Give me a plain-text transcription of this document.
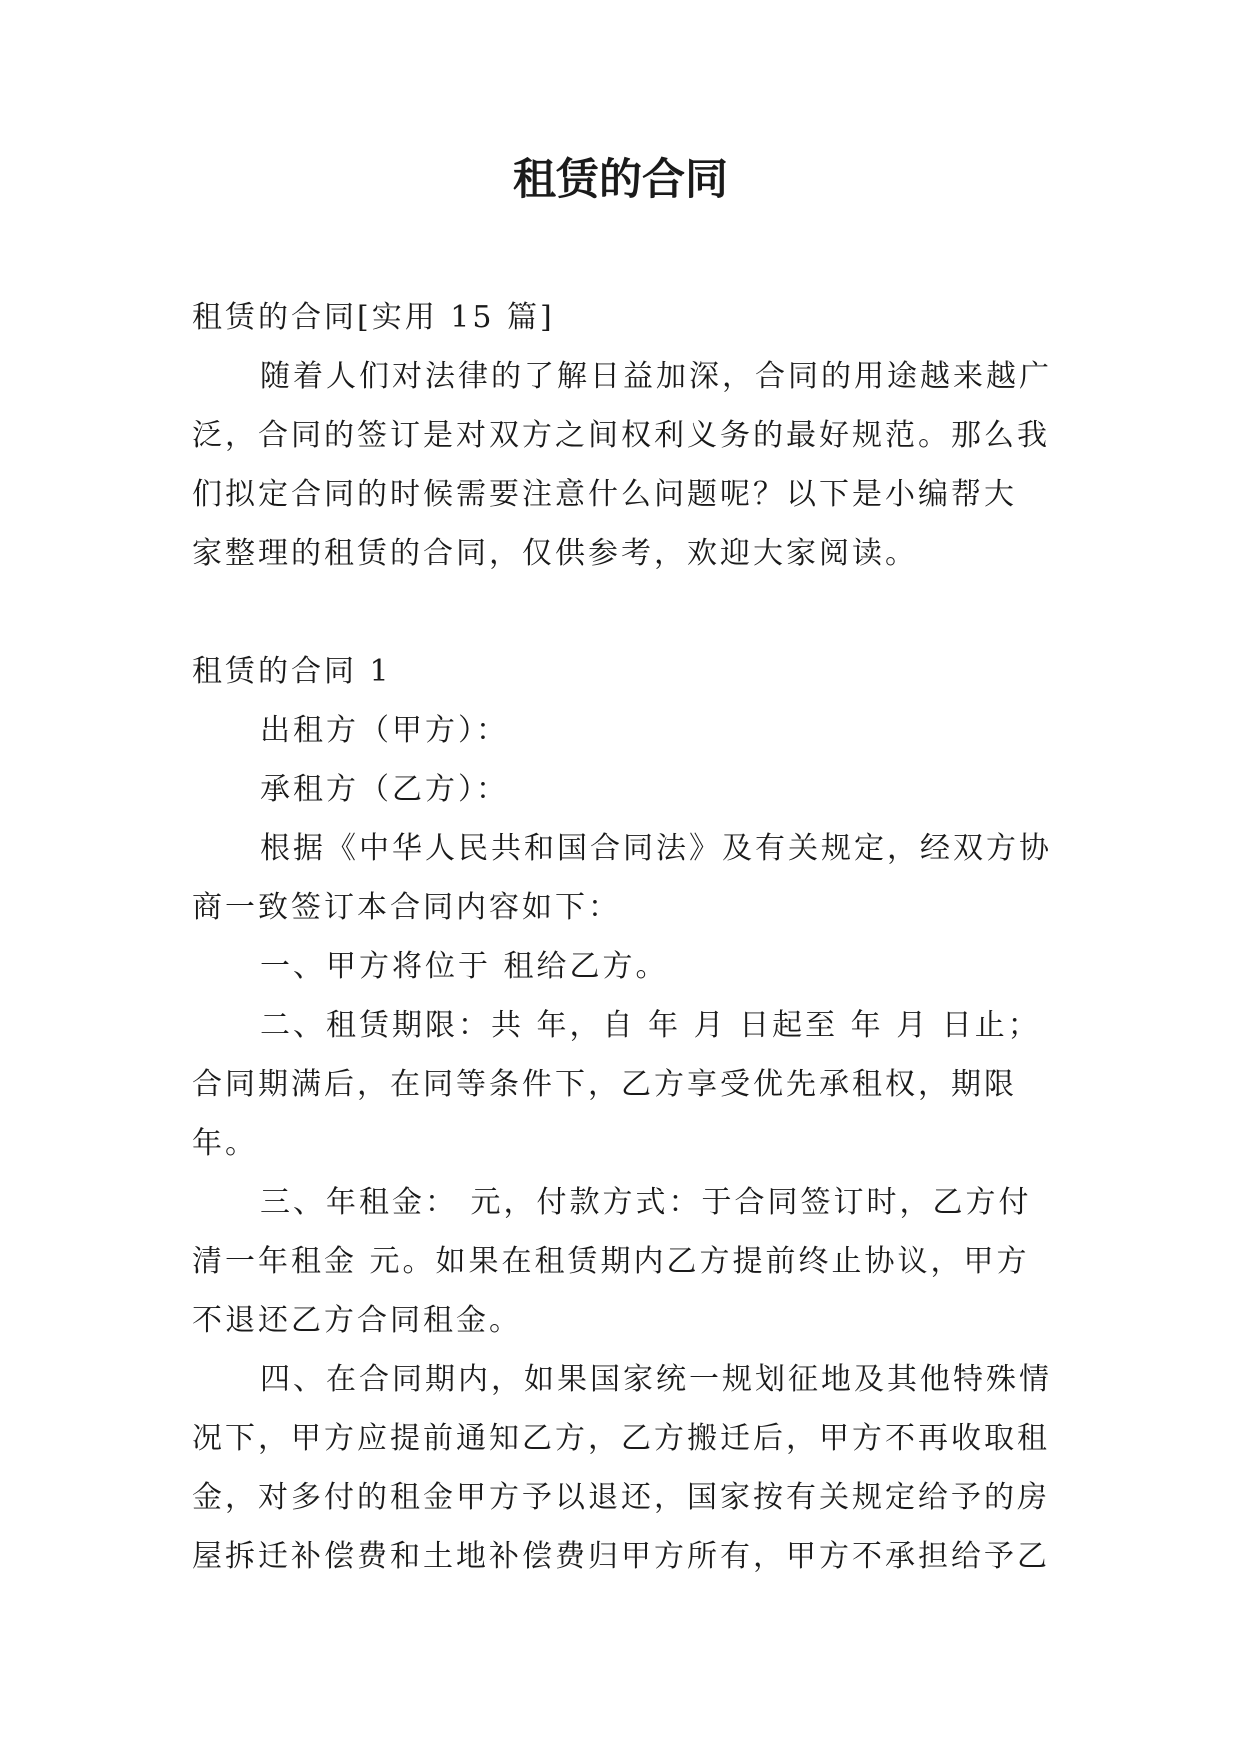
租赁的合同

租赁的合同[实用 15 篇]

随着人们对法律的了解日益加深，合同的用途越来越广

泛，合同的签订是对双方之间权利义务的最好规范。那么我

们拟定合同的时候需要注意什么问题呢？以下是小编帮大

家整理的租赁的合同，仅供参考，欢迎大家阅读。

租赁的合同 1

出租方（甲方）：

承租方（乙方）：

根据《中华人民共和国合同法》及有关规定，经双方协

商一致签订本合同内容如下：

一、甲方将位于 租给乙方。

二、租赁期限：共 年，自 年 月 日起至 年 月 日止；

合同期满后，在同等条件下，乙方享受优先承租权，期限

年。

三、年租金： 元，付款方式：于合同签订时，乙方付

清一年租金 元。如果在租赁期内乙方提前终止协议，甲方

不退还乙方合同租金。

四、在合同期内，如果国家统一规划征地及其他特殊情

况下，甲方应提前通知乙方，乙方搬迁后，甲方不再收取租

金，对多付的租金甲方予以退还，国家按有关规定给予的房

屋拆迁补偿费和土地补偿费归甲方所有，甲方不承担给予乙
